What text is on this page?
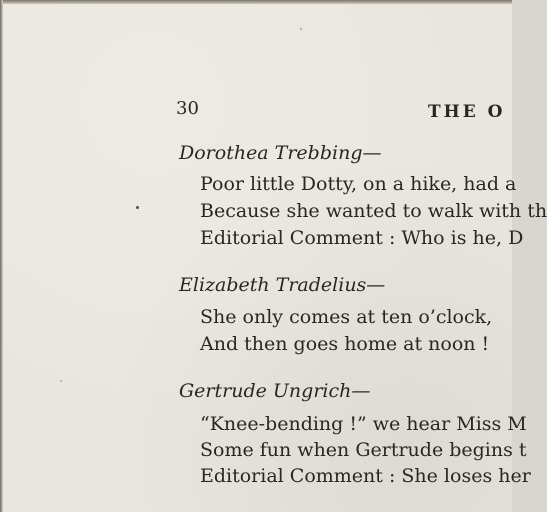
30	THE O
Dorothea Trebbing—
Poor little Dotty, on a hike, had a
Because she wanted to walk with th
Editorial Comment : Who is he, D
Elizabeth Tradelius—
She only comes at ten o’clock,
And then goes home at noon !
Gertrude Ungrich—
“Knee-bending !” we hear Miss M
Some fun when Gertrude begins t
Editorial Comment : She loses her
